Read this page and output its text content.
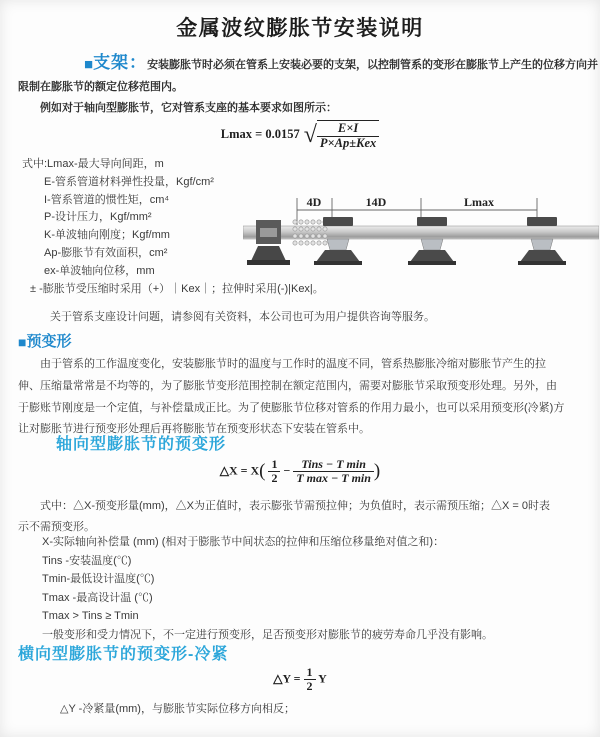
金属波纹膨胀节安装说明
■支架：安装膨胀节时必须在管系上安装必要的支架，以控制管系的变形在膨胀节上产生的位移方向并
限制在膨胀节的额定位移范围内。
例如对于轴向型膨胀节，它对管系支座的基本要求如图所示：
Lmax = 0.0157 √ $\frac{E\times I}{\text{P×Ap±Kex}}$
式中:Lmax-最大导向间距，m
E-管系管道材料弹性投量，Kgf/cm²
I-管系管道的惯性矩，cm⁴
P-设计压力，Kgf/mm²
K-单波轴向刚度；Kgf/mm
Ap-膨胀节有效面积，cm²
ex-单波轴向位移，mm
± -膨胀节受压缩时采用（+）｜Kex｜；拉伸时采用(-)|Kex|。
关于管系支座设计问题，请参阅有关资料，本公司也可为用户提供咨询等服务。
4D	14D	Lmax
■预变形
由于管系的工作温度变化，安装膨胀节时的温度与工作时的温度不同，管系热膨胀冷缩对膨胀节产生的拉
伸、压缩量常常是不均等的，为了膨胀节变形范围控制在额定范围内，需要对膨胀节采取预变形处理。另外，由
于膨账节刚度是一个定值，与补偿量成正比。为了使膨胀节位移对管系的作用力最小，也可以采用预变形(冷紧)方
让对膨胀节进行预变形处理后再将膨胀节在预变形状态下安装在管系中。
轴向型膨胀节的预变形
△X = $X( \frac{1}{2} - \frac{\text{Tins − T min}}{\text{T max − T min}}$ )
式中：△X-预变形量(mm)，△X为正值时，表示膨张节需预拉伸；为负值时，表示需预压缩；△X = 0时表
示不需预变形。
X-实际轴向补偿量 (mm) (相对于膨胀节中间状态的拉伸和压缩位移量绝对值之和)：
Tins -安装温度(℃)
Tmin-最低设计温度(℃)
Tmax -最高设计温 (℃)
Tmax > Tins ≥ Tmin
一般变形和受力情况下，不一定进行预变形，足否预变形对膨胀节的疲劳寿命几乎没有影响。
横向型膨胀节的预变形-冷紧
△Y = $\frac{1}{2}$ Y
△Y -冷紧量(mm)，与膨胀节实际位移方向相反；
